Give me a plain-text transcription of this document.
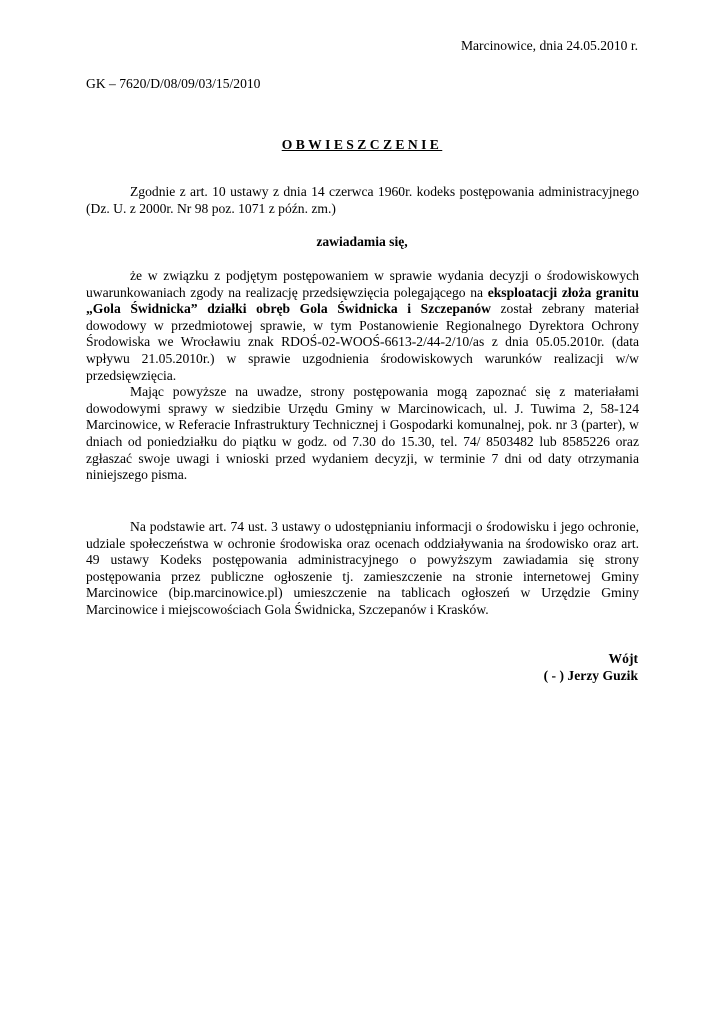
Marcinowice, dnia 24.05.2010 r.
GK – 7620/D/08/09/03/15/2010
OBWIESZCZENIE

Zgodnie z art. 10 ustawy z dnia 14 czerwca 1960r. kodeks postępowania administracyjnego (Dz. U. z 2000r. Nr 98 poz. 1071 z późn. zm.)

zawiadamia się,

że w związku z podjętym postępowaniem w sprawie wydania decyzji o środowiskowych uwarunkowaniach zgody na realizację przedsięwzięcia polegającego na eksploatacji złoża granitu „Gola Świdnicka” działki obręb Gola Świdnicka i Szczepanów został zebrany materiał dowodowy w przedmiotowej sprawie, w tym Postanowienie Regionalnego Dyrektora Ochrony Środowiska we Wrocławiu znak RDOŚ-02-WOOŚ-6613-2/44-2/10/as z dnia 05.05.2010r. (data wpływu 21.05.2010r.) w sprawie uzgodnienia środowiskowych warunków realizacji w/w przedsięwzięcia.

Mając powyższe na uwadze, strony postępowania mogą zapoznać się z materiałami dowodowymi sprawy w siedzibie Urzędu Gminy w Marcinowicach, ul. J. Tuwima 2, 58-124 Marcinowice, w Referacie Infrastruktury Technicznej i Gospodarki komunalnej, pok. nr 3 (parter), w dniach od poniedziałku do piątku w godz. od 7.30 do 15.30, tel. 74/ 8503482 lub 8585226 oraz zgłaszać swoje uwagi i wnioski przed wydaniem decyzji, w terminie 7 dni od daty otrzymania niniejszego pisma.

Na podstawie art. 74 ust. 3 ustawy o udostępnianiu informacji o środowisku i jego ochronie, udziale społeczeństwa w ochronie środowiska oraz ocenach oddziaływania na środowisko oraz art. 49 ustawy Kodeks postępowania administracyjnego o powyższym zawiadamia się strony postępowania przez publiczne ogłoszenie tj. zamieszczenie na stronie internetowej Gminy Marcinowice (bip.marcinowice.pl) umieszczenie na tablicach ogłoszeń w Urzędzie Gminy Marcinowice i miejscowościach Gola Świdnicka, Szczepanów i Krasków.

Wójt
( - ) Jerzy Guzik
